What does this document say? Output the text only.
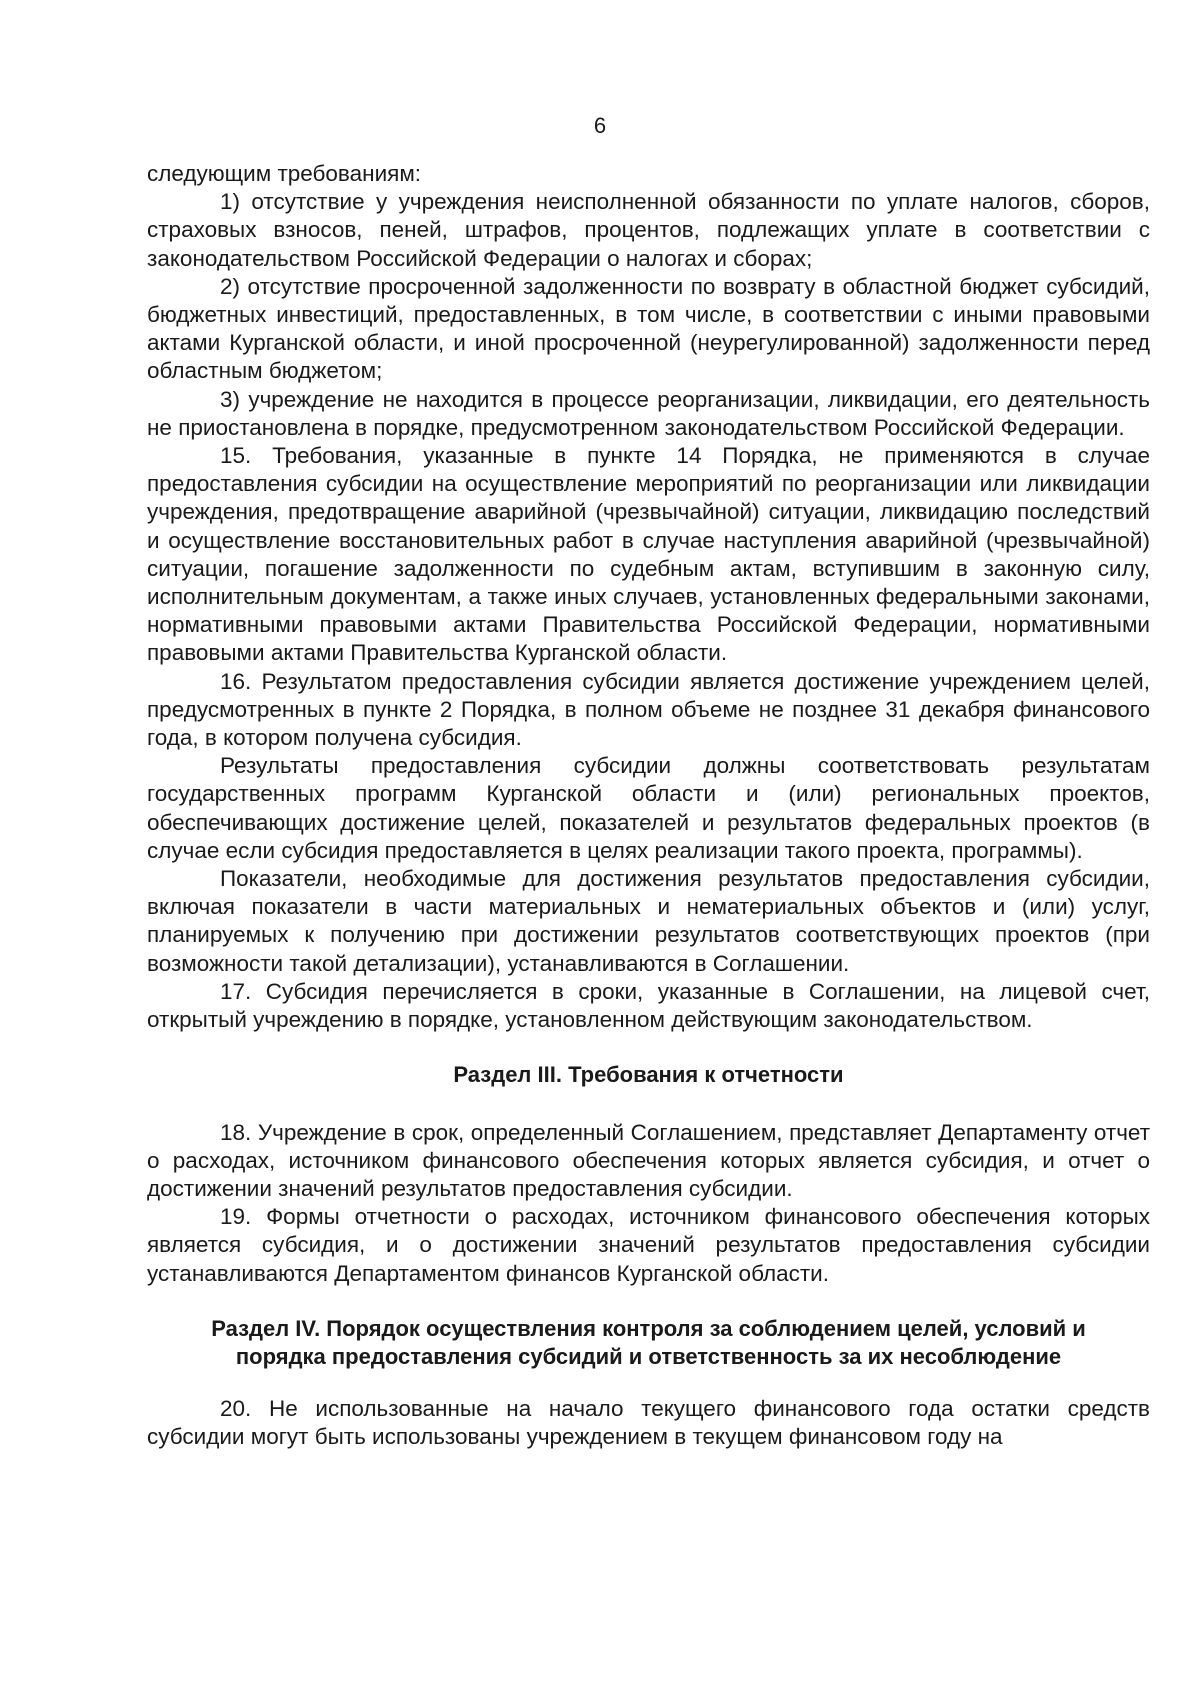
6

следующим требованиям:

1) отсутствие у учреждения неисполненной обязанности по уплате налогов, сборов, страховых взносов, пеней, штрафов, процентов, подлежащих уплате в соответствии с законодательством Российской Федерации о налогах и сборах;

2) отсутствие просроченной задолженности по возврату в областной бюджет субсидий, бюджетных инвестиций, предоставленных, в том числе, в соответствии с иными правовыми актами Курганской области, и иной просроченной (неурегулированной) задолженности перед областным бюджетом;

3) учреждение не находится в процессе реорганизации, ликвидации, его деятельность не приостановлена в порядке, предусмотренном законодательством Российской Федерации.

15. Требования, указанные в пункте 14 Порядка, не применяются в случае предоставления субсидии на осуществление мероприятий по реорганизации или ликвидации учреждения, предотвращение аварийной (чрезвычайной) ситуации, ликвидацию последствий и осуществление восстановительных работ в случае наступления аварийной (чрезвычайной) ситуации, погашение задолженности по судебным актам, вступившим в законную силу, исполнительным документам, а также иных случаев, установленных федеральными законами, нормативными правовыми актами Правительства Российской Федерации, нормативными правовыми актами Правительства Курганской области.

16. Результатом предоставления субсидии является достижение учреждением целей, предусмотренных в пункте 2 Порядка, в полном объеме не позднее 31 декабря финансового года, в котором получена субсидия.

Результаты предоставления субсидии должны соответствовать результатам государственных программ Курганской области и (или) региональных проектов, обеспечивающих достижение целей, показателей и результатов федеральных проектов (в случае если субсидия предоставляется в целях реализации такого проекта, программы).

Показатели, необходимые для достижения результатов предоставления субсидии, включая показатели в части материальных и нематериальных объектов и (или) услуг, планируемых к получению при достижении результатов соответствующих проектов (при возможности такой детализации), устанавливаются в Соглашении.

17. Субсидия перечисляется в сроки, указанные в Соглашении, на лицевой счет, открытый учреждению в порядке, установленном действующим законодательством.

Раздел III. Требования к отчетности

18. Учреждение в срок, определенный Соглашением, представляет Департаменту отчет о расходах, источником финансового обеспечения которых является субсидия, и отчет о достижении значений результатов предоставления субсидии.

19. Формы отчетности о расходах, источником финансового обеспечения которых является субсидия, и о достижении значений результатов предоставления субсидии устанавливаются Департаментом финансов Курганской области.

Раздел IV. Порядок осуществления контроля за соблюдением целей, условий и
порядка предоставления субсидий и ответственность за их несоблюдение

20. Не использованные на начало текущего финансового года остатки средств субсидии могут быть использованы учреждением в текущем финансовом году на
